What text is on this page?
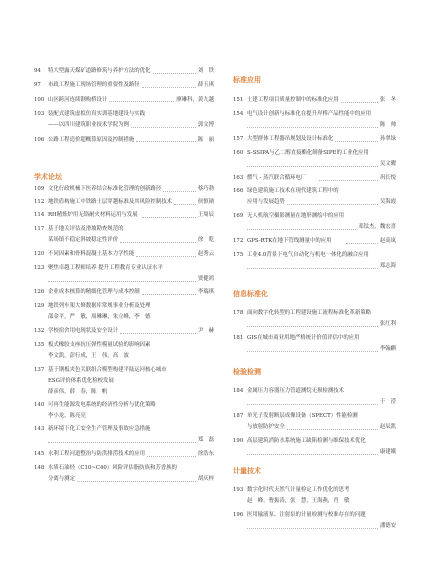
94	特大型露天煤矿道路修筑与养护方法的优化	刘　铁
97	市政工程施工现场管理的重要性及路径	薛玉琪
100 山区跨河连续钢构桥设计	廖琳科，黄九越
103 装配式建筑虚拟仿真实训基地建设与实践
——以四川建筑职业技术学院为例	郭文博
106 公路工程造价超概算原因及控制措施	陈　丽
学术论坛
109 文化行政机械下医养结合标准化管理的创新路径	蔡巧勃
112 地铁盾构施工中铁路土层穿越标准及其风险控制技术	侯慎勋
114 RH精炼炉用无铬耐火材料运用与发展	王周辰
117 基于地关评估及滑坡勘查规范的
某场镇不稳定斜坡稳定性评价	徐　乾
120 不同因素和骨料混凝土基本力学性能	赵秀云
123 聚焦卓越工程师培养 提升工程教育专业认证水平
贾健鸿
126 企业成本核算的精细化管理与成本控制	李瑞琪
129 地铁列车架大修数据库常规事业分析及处理
邵金平，严　敏，周琳琳，朱立峰，李　德
132 学校宿舍用电现状及安全设计	尹　赫
135 板式橡胶支座抗压弹性模量试验的影响因素
李文凯，彭行成，王　伟，高　波
137 基于钢板夹色关联组合模型构建平陆运河核心城市
ESG评价体系优化检校发展
薛彦伟，薛　春，陈　帆
140 可再生能源发电系统的经济性分析与优化策略
李小龙，陈亮亮
143 新环境下化工安全生产管理及事故应急措施
郑　磊
145 水利工程河道整治与防洪排涝技术的应用	徐浩东
148 水质石油烃（C10~C40）风险评估脂肪族和芳香族的
分离与测定	胡庆梓
标准应用
151 土建工程项目质量控制中的标准化应用	张　冬
154 电气设计创新与标准化在提升岸桥产品性能中的应用
陈　帅
157 大型群体工程器吊规划及设计标准化	孙翠绿
160 S-SSIPA与乙二醇直接酯化制备SIPE的工业化应用
吴文曜
163 燃气 - 蒸汽联合循环电厂	巩长悦
166 绿色建筑施工技术在现代建筑工程中的
应用与发展趋势	吴海霞
169 无人机航空摄影测量在地形测绘中的应用
邓钛杰，魏宏喜
172 GPS-RTK在地下管线测量中的应用	赵高岚
175 工业4.0背景下电气自动化与机电一体化的融合应用
郑志海
信息标准化
178 面向数字化转型的工程建设施工流程标准化革新策略
张红利
181 GIS在城市商业用地严格统计价值评估中的应用
李翰麒
检验检测
184 金属压力容器压力管道测烷无损检测技术
于　滢
187 单光子发射断层成像设备（SPECT）性能检测
与放射防护安全	赵辰凯
190 高层建筑消防水系统施工缺陷检测与维保技术优化
康建娥
计量技术
193 数字化时代天然气计量检定工作优化的思考
赵　峰，曹振涛，张　慧，王海燕，肖　敏
196 医用输液泵、注射泵的计量检测与校准存在的问题
潘德安
